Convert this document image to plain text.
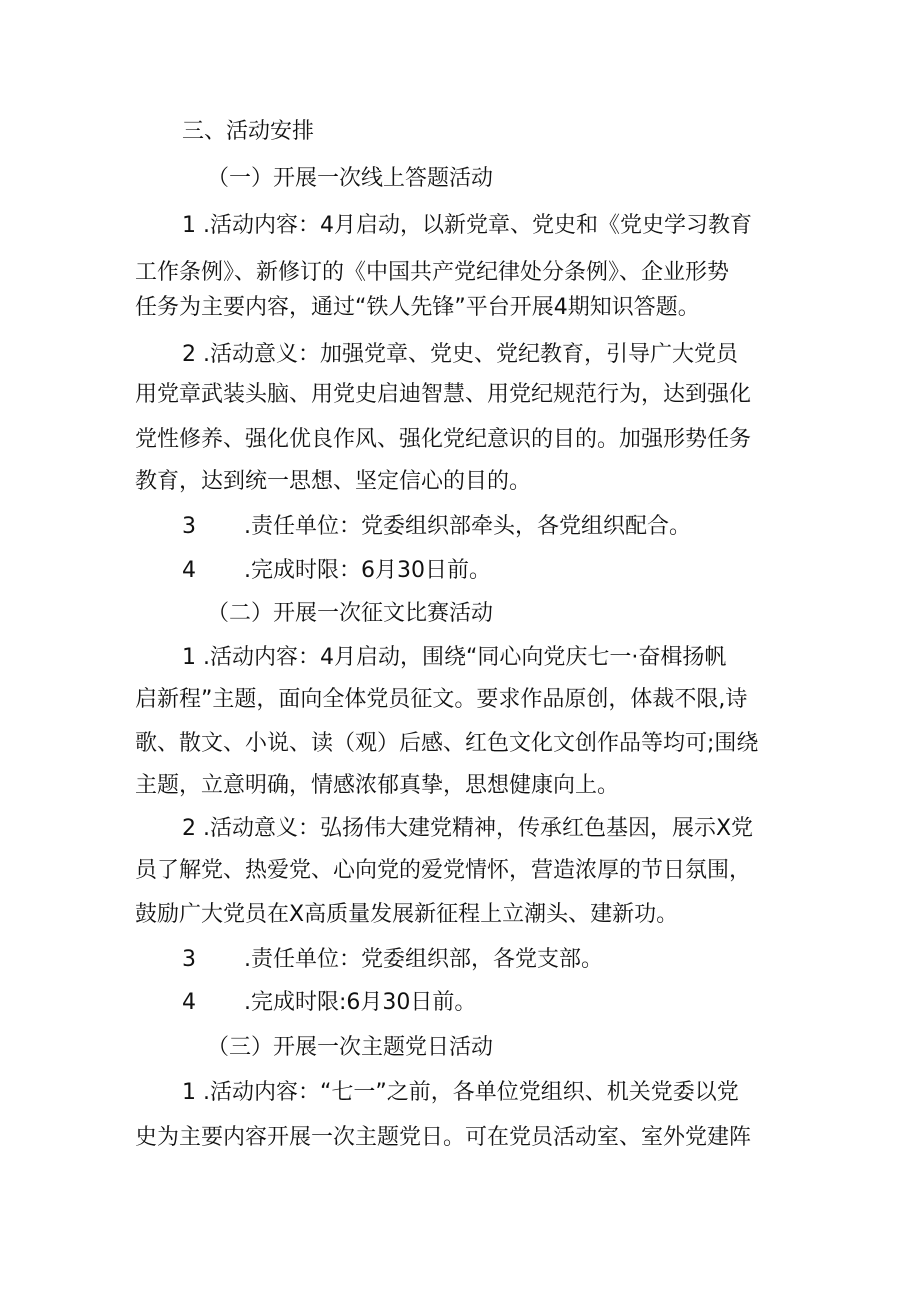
三、活动安排
（一）开展一次线上答题活动
1 .活动内容：4月启动，以新党章、党史和《党史学习教育
工作条例》、新修订的《中国共产党纪律处分条例》、企业形势
任务为主要内容，通过“铁人先锋”平台开展4期知识答题。
2 .活动意义：加强党章、党史、党纪教育，引导广大党员
用党章武装头脑、用党史启迪智慧、用党纪规范行为，达到强化
党性修养、强化优良作风、强化党纪意识的目的。加强形势任务
教育，达到统一思想、坚定信心的目的。
3 .责任单位：党委组织部牵头，各党组织配合。
4 .完成时限：6月30日前。
（二）开展一次征文比赛活动
1 .活动内容：4月启动，围绕“同心向党庆七一·奋楫扬帆
启新程”主题，面向全体党员征文。要求作品原创，体裁不限,诗
歌、散文、小说、读（观）后感、红色文化文创作品等均可;围绕
主题，立意明确，情感浓郁真挚，思想健康向上。
2 .活动意义：弘扬伟大建党精神，传承红色基因，展示X党
员了解党、热爱党、心向党的爱党情怀，营造浓厚的节日氛围，
鼓励广大党员在X高质量发展新征程上立潮头、建新功。
3 .责任单位：党委组织部，各党支部。
4 .完成时限:6月30日前。
（三）开展一次主题党日活动
1 .活动内容：“七一”之前，各单位党组织、机关党委以党
史为主要内容开展一次主题党日。可在党员活动室、室外党建阵
